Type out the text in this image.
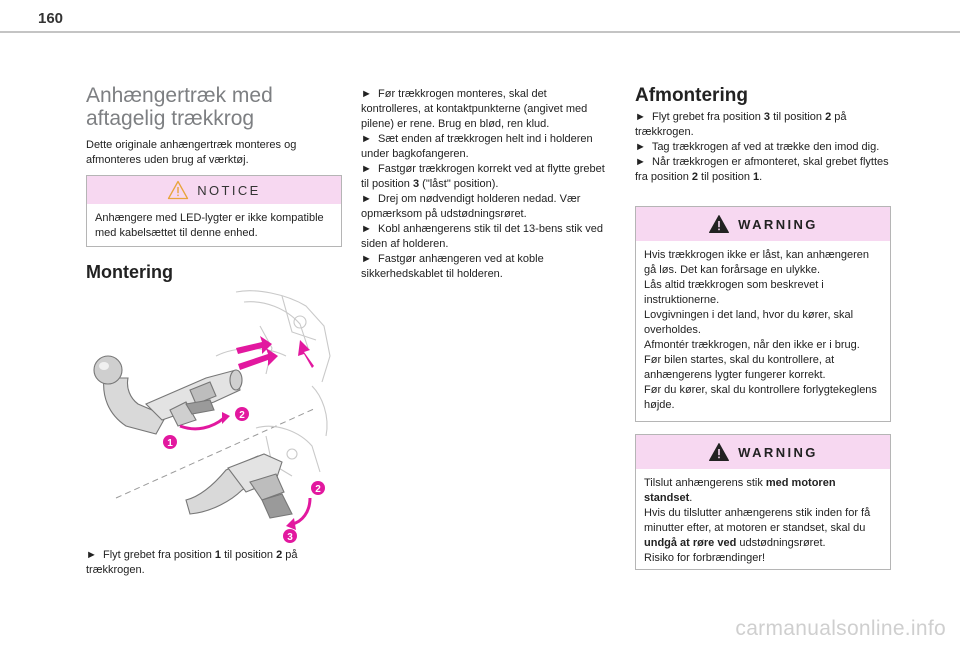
160
Anhængertræk med
aftagelig trækkrog

Dette originale anhængertræk monteres og afmonteres uden brug af værktøj.

NOTICE
Anhængere med LED-lygter er ikke kompatible med kabelsættet til denne enhed.
Montering
1
2
2
3

► Flyt grebet fra position 1 til position 2 på trækkrogen.

► Før trækkrogen monteres, skal det kontrolleres, at kontaktpunkterne (angivet med pilene) er rene. Brug en blød, ren klud.

► Sæt enden af trækkrogen helt ind i holderen under bagkofangeren.

► Fastgør trækkrogen korrekt ved at flytte grebet til position 3 ("låst" position).

► Drej om nødvendigt holderen nedad. Vær opmærksom på udstødningsrøret.

► Kobl anhængerens stik til det 13-bens stik ved siden af holderen.

► Fastgør anhængeren ved at koble sikkerhedskablet til holderen.

Afmontering

► Flyt grebet fra position 3 til position 2 på trækkrogen.

► Tag trækkrogen af ved at trække den imod dig.

► Når trækkrogen er afmonteret, skal grebet flyttes fra position 2 til position 1.

WARNING

Hvis trækkrogen ikke er låst, kan anhængeren gå løs. Det kan forårsage en ulykke.

Lås altid trækkrogen som beskrevet i instruktionerne.

Lovgivningen i det land, hvor du kører, skal overholdes.

Afmontér trækkrogen, når den ikke er i brug.

Før bilen startes, skal du kontrollere, at anhængerens lygter fungerer korrekt.

Før du kører, skal du kontrollere forlygtekeglens højde.

WARNING

Tilslut anhængerens stik med motoren standset.

Hvis du tilslutter anhængerens stik inden for få minutter efter, at motoren er standset, skal du undgå at røre ved udstødningsrøret.

Risiko for forbrændinger!

carmanualsonline.info
